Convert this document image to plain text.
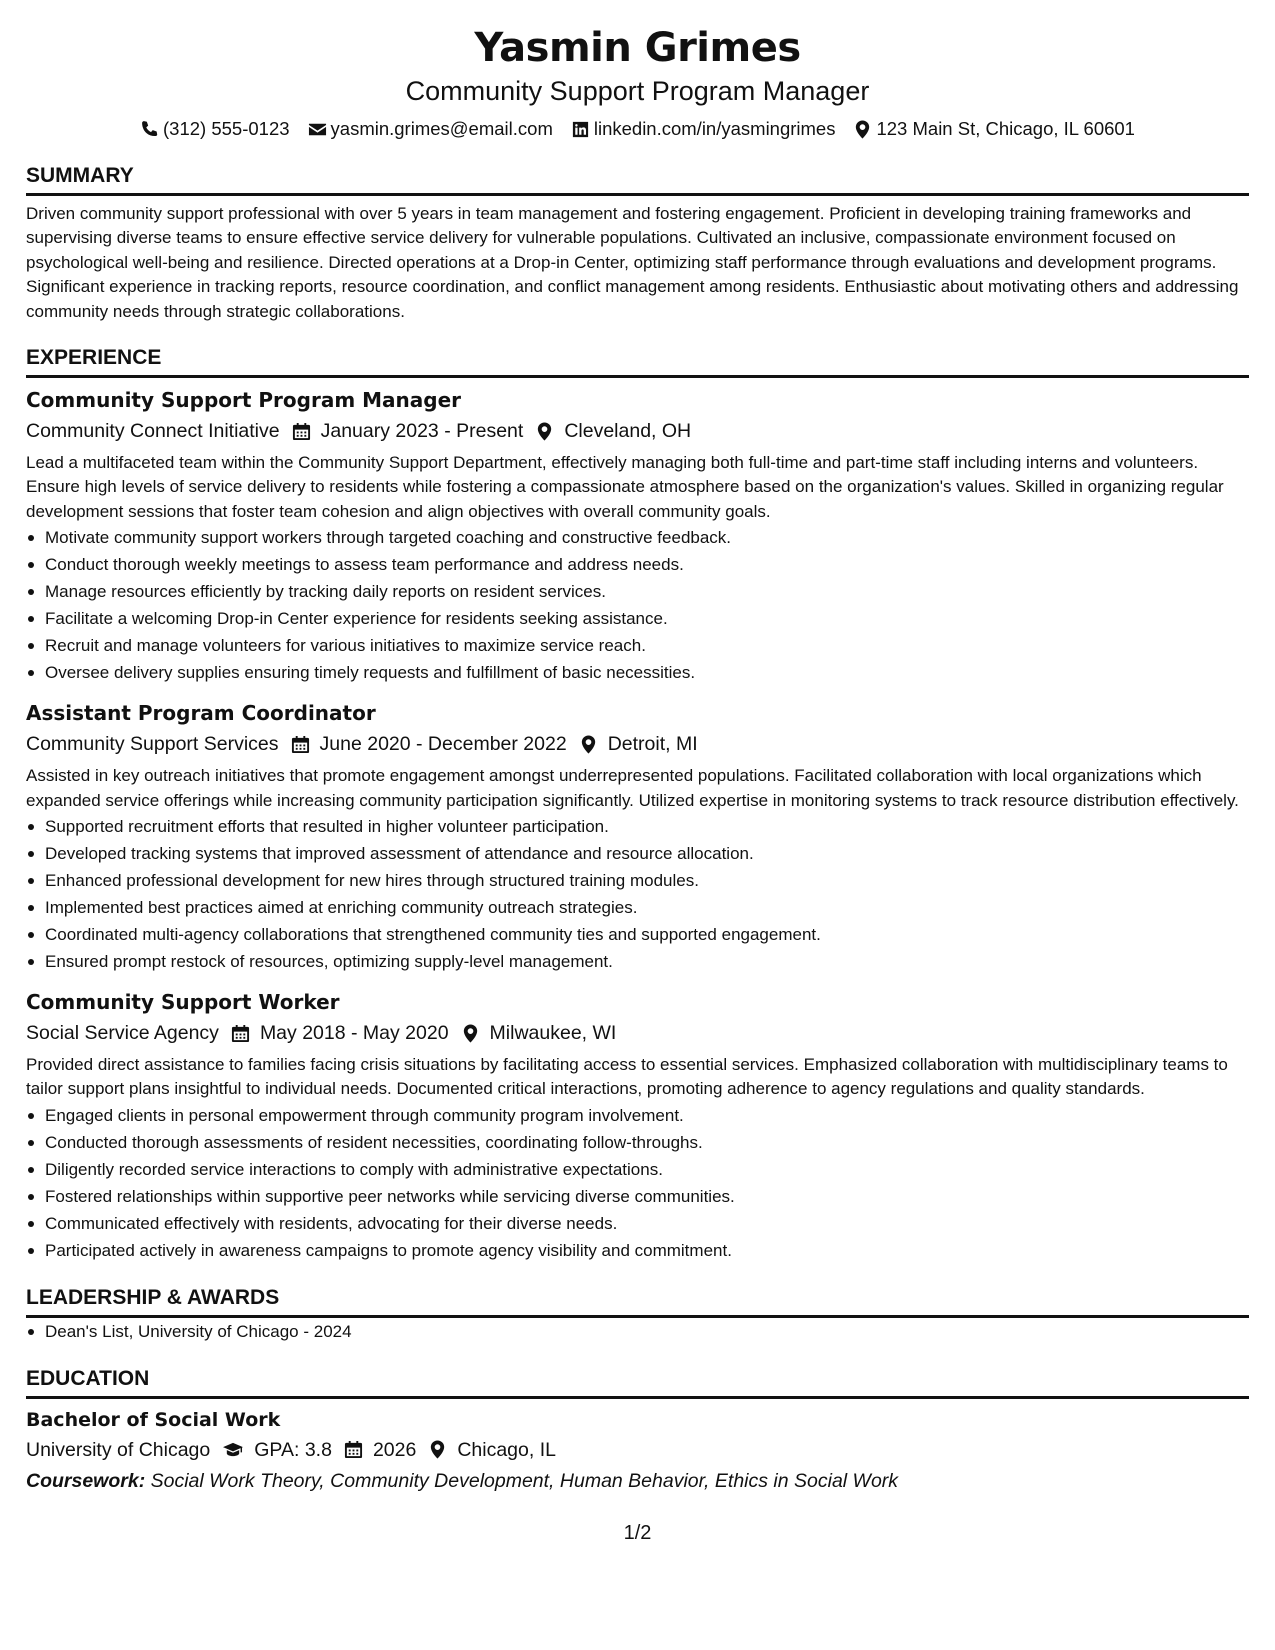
Yasmin Grimes
Community Support Program Manager
(312) 555-0123 yasmin.grimes@email.com linkedin.com/in/yasmingrimes 123 Main St, Chicago, IL 60601
SUMMARY
Driven community support professional with over 5 years in team management and fostering engagement. Proficient in developing training frameworks and supervising diverse teams to ensure effective service delivery for vulnerable populations. Cultivated an inclusive, compassionate environment focused on psychological well-being and resilience. Directed operations at a Drop-in Center, optimizing staff performance through evaluations and development programs. Significant experience in tracking reports, resource coordination, and conflict management among residents. Enthusiastic about motivating others and addressing community needs through strategic collaborations.
EXPERIENCE
Community Support Program Manager
Community Connect Initiative January 2023 - Present Cleveland, OH
Lead a multifaceted team within the Community Support Department, effectively managing both full-time and part-time staff including interns and volunteers. Ensure high levels of service delivery to residents while fostering a compassionate atmosphere based on the organization's values. Skilled in organizing regular development sessions that foster team cohesion and align objectives with overall community goals.
Motivate community support workers through targeted coaching and constructive feedback.
Conduct thorough weekly meetings to assess team performance and address needs.
Manage resources efficiently by tracking daily reports on resident services.
Facilitate a welcoming Drop-in Center experience for residents seeking assistance.
Recruit and manage volunteers for various initiatives to maximize service reach.
Oversee delivery supplies ensuring timely requests and fulfillment of basic necessities.
Assistant Program Coordinator
Community Support Services June 2020 - December 2022 Detroit, MI
Assisted in key outreach initiatives that promote engagement amongst underrepresented populations. Facilitated collaboration with local organizations which expanded service offerings while increasing community participation significantly. Utilized expertise in monitoring systems to track resource distribution effectively.
Supported recruitment efforts that resulted in higher volunteer participation.
Developed tracking systems that improved assessment of attendance and resource allocation.
Enhanced professional development for new hires through structured training modules.
Implemented best practices aimed at enriching community outreach strategies.
Coordinated multi-agency collaborations that strengthened community ties and supported engagement.
Ensured prompt restock of resources, optimizing supply-level management.
Community Support Worker
Social Service Agency May 2018 - May 2020 Milwaukee, WI
Provided direct assistance to families facing crisis situations by facilitating access to essential services. Emphasized collaboration with multidisciplinary teams to tailor support plans insightful to individual needs. Documented critical interactions, promoting adherence to agency regulations and quality standards.
Engaged clients in personal empowerment through community program involvement.
Conducted thorough assessments of resident necessities, coordinating follow-throughs.
Diligently recorded service interactions to comply with administrative expectations.
Fostered relationships within supportive peer networks while servicing diverse communities.
Communicated effectively with residents, advocating for their diverse needs.
Participated actively in awareness campaigns to promote agency visibility and commitment.
LEADERSHIP & AWARDS
Dean's List, University of Chicago - 2024
EDUCATION
Bachelor of Social Work
University of Chicago GPA: 3.8 2026 Chicago, IL
Coursework: Social Work Theory, Community Development, Human Behavior, Ethics in Social Work
1/2
